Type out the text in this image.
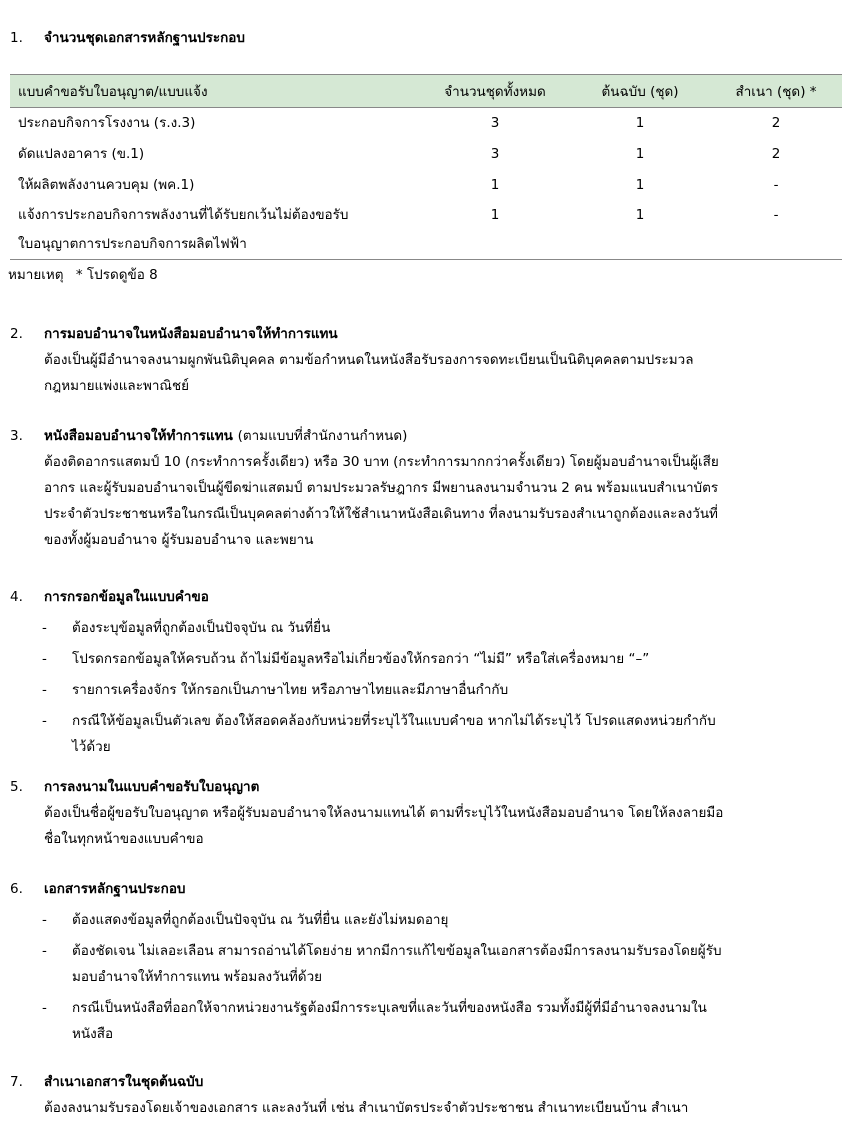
1. จำนวนชุดเอกสารหลักฐานประกอบ
แบบคำขอรับใบอนุญาต/แบบแจ้ง	จำนวนชุดทั้งหมด	ต้นฉบับ (ชุด)	สำเนา (ชุด) *
ประกอบกิจการโรงงาน (ร.ง.3)	3	1	2
ดัดแปลงอาคาร (ข.1)	3	1	2
ให้ผลิตพลังงานควบคุม (พค.1)	1	1	-

แจ้งการประกอบกิจการพลังงานที่ได้รับยกเว้นไม่ต้องขอรับ
ใบอนุญาตการประกอบกิจการผลิตไฟฟ้า	1	1	-
หมายเหตุ * โปรดดูข้อ 8
2. การมอบอำนาจในหนังสือมอบอำนาจให้ทำการแทน
ต้องเป็นผู้มีอำนาจลงนามผูกพันนิติบุคคล ตามข้อกำหนดในหนังสือรับรองการจดทะเบียนเป็นนิติบุคคลตามประมวล
กฎหมายแพ่งและพาณิชย์
3. หนังสือมอบอำนาจให้ทำการแทน (ตามแบบที่สำนักงานกำหนด)
ต้องติดอากรแสตมป์ 10 (กระทำการครั้งเดียว) หรือ 30 บาท (กระทำการมากกว่าครั้งเดียว) โดยผู้มอบอำนาจเป็นผู้เสีย
อากร และผู้รับมอบอำนาจเป็นผู้ขีดฆ่าแสตมป์ ตามประมวลรัษฎากร มีพยานลงนามจำนวน 2 คน พร้อมแนบสำเนาบัตร
ประจำตัวประชาชนหรือในกรณีเป็นบุคคลต่างด้าวให้ใช้สำเนาหนังสือเดินทาง ที่ลงนามรับรองสำเนาถูกต้องและลงวันที่
ของทั้งผู้มอบอำนาจ ผู้รับมอบอำนาจ และพยาน
4. การกรอกข้อมูลในแบบคำขอ
- ต้องระบุข้อมูลที่ถูกต้องเป็นปัจจุบัน ณ วันที่ยื่น
- โปรดกรอกข้อมูลให้ครบถ้วน ถ้าไม่มีข้อมูลหรือไม่เกี่ยวข้องให้กรอกว่า “ไม่มี” หรือใส่เครื่องหมาย “–”
- รายการเครื่องจักร ให้กรอกเป็นภาษาไทย หรือภาษาไทยและมีภาษาอื่นกำกับ
- กรณีให้ข้อมูลเป็นตัวเลข ต้องให้สอดคล้องกับหน่วยที่ระบุไว้ในแบบคำขอ หากไม่ได้ระบุไว้ โปรดแสดงหน่วยกำกับ
ไว้ด้วย
5. การลงนามในแบบคำขอรับใบอนุญาต
ต้องเป็นชื่อผู้ขอรับใบอนุญาต หรือผู้รับมอบอำนาจให้ลงนามแทนได้ ตามที่ระบุไว้ในหนังสือมอบอำนาจ โดยให้ลงลายมือ
ชื่อในทุกหน้าของแบบคำขอ
6. เอกสารหลักฐานประกอบ
- ต้องแสดงข้อมูลที่ถูกต้องเป็นปัจจุบัน ณ วันที่ยื่น และยังไม่หมดอายุ
- ต้องชัดเจน ไม่เลอะเลือน สามารถอ่านได้โดยง่าย หากมีการแก้ไขข้อมูลในเอกสารต้องมีการลงนามรับรองโดยผู้รับ
มอบอำนาจให้ทำการแทน พร้อมลงวันที่ด้วย
- กรณีเป็นหนังสือที่ออกให้จากหน่วยงานรัฐต้องมีการระบุเลขที่และวันที่ของหนังสือ รวมทั้งมีผู้ที่มีอำนาจลงนามใน
หนังสือ
7. สำเนาเอกสารในชุดต้นฉบับ
ต้องลงนามรับรองโดยเจ้าของเอกสาร และลงวันที่ เช่น สำเนาบัตรประจำตัวประชาชน สำเนาทะเบียนบ้าน สำเนา
